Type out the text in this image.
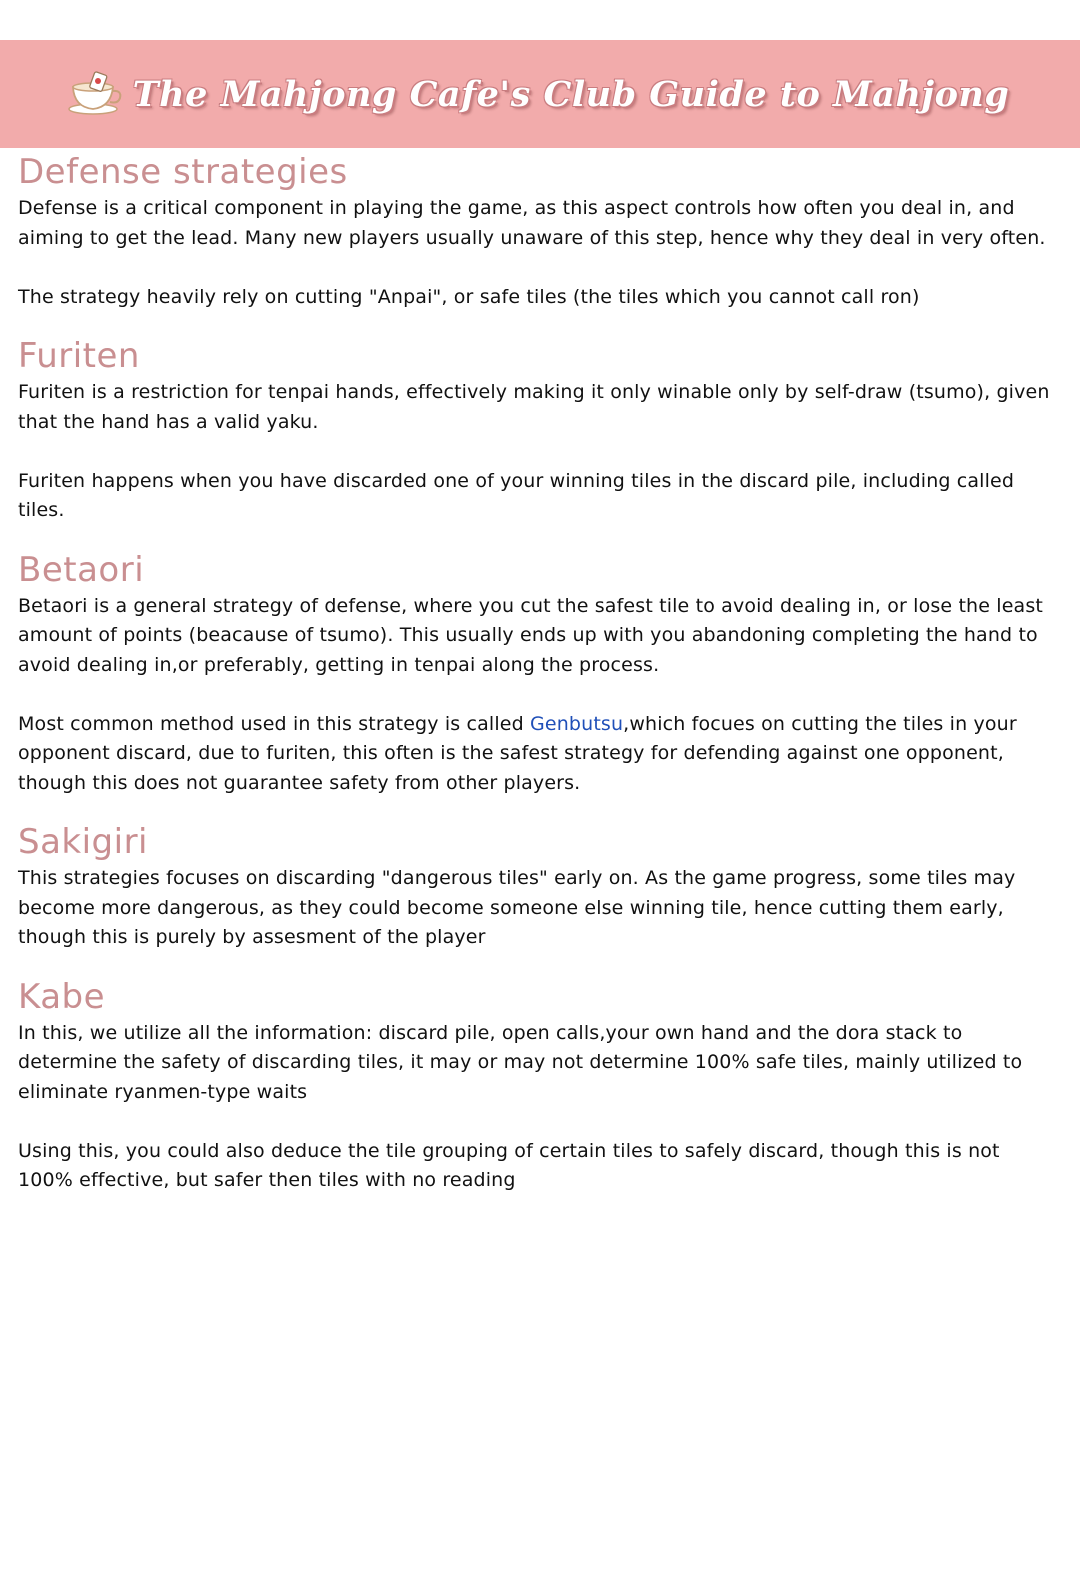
The Mahjong Cafe's Club Guide to Mahjong
Defense strategies

Defense is a critical component in playing the game, as this aspect controls how often you deal in, and aiming to get the lead. Many new players usually unaware of this step, hence why they deal in very often.

The strategy heavily rely on cutting "Anpai", or safe tiles (the tiles which you cannot call ron)

Furiten

Furiten is a restriction for tenpai hands, effectively making it only winable only by self-draw (tsumo), given that the hand has a valid yaku.

Furiten happens when you have discarded one of your winning tiles in the discard pile, including called tiles.

Betaori

Betaori is a general strategy of defense, where you cut the safest tile to avoid dealing in, or lose the least amount of points (beacause of tsumo). This usually ends up with you abandoning completing the hand to avoid dealing in,or preferably, getting in tenpai along the process.

Most common method used in this strategy is called Genbutsu,which focues on cutting the tiles in your opponent discard, due to furiten, this often is the safest strategy for defending against one opponent, though this does not guarantee safety from other players.

Sakigiri

This strategies focuses on discarding "dangerous tiles" early on. As the game progress, some tiles may become more dangerous, as they could become someone else winning tile, hence cutting them early, though this is purely by assesment of the player

Kabe

In this, we utilize all the information: discard pile, open calls,your own hand and the dora stack to determine the safety of discarding tiles, it may or may not determine 100% safe tiles, mainly utilized to eliminate ryanmen-type waits

Using this, you could also deduce the tile grouping of certain tiles to safely discard, though this is not 100% effective, but safer then tiles with no reading
